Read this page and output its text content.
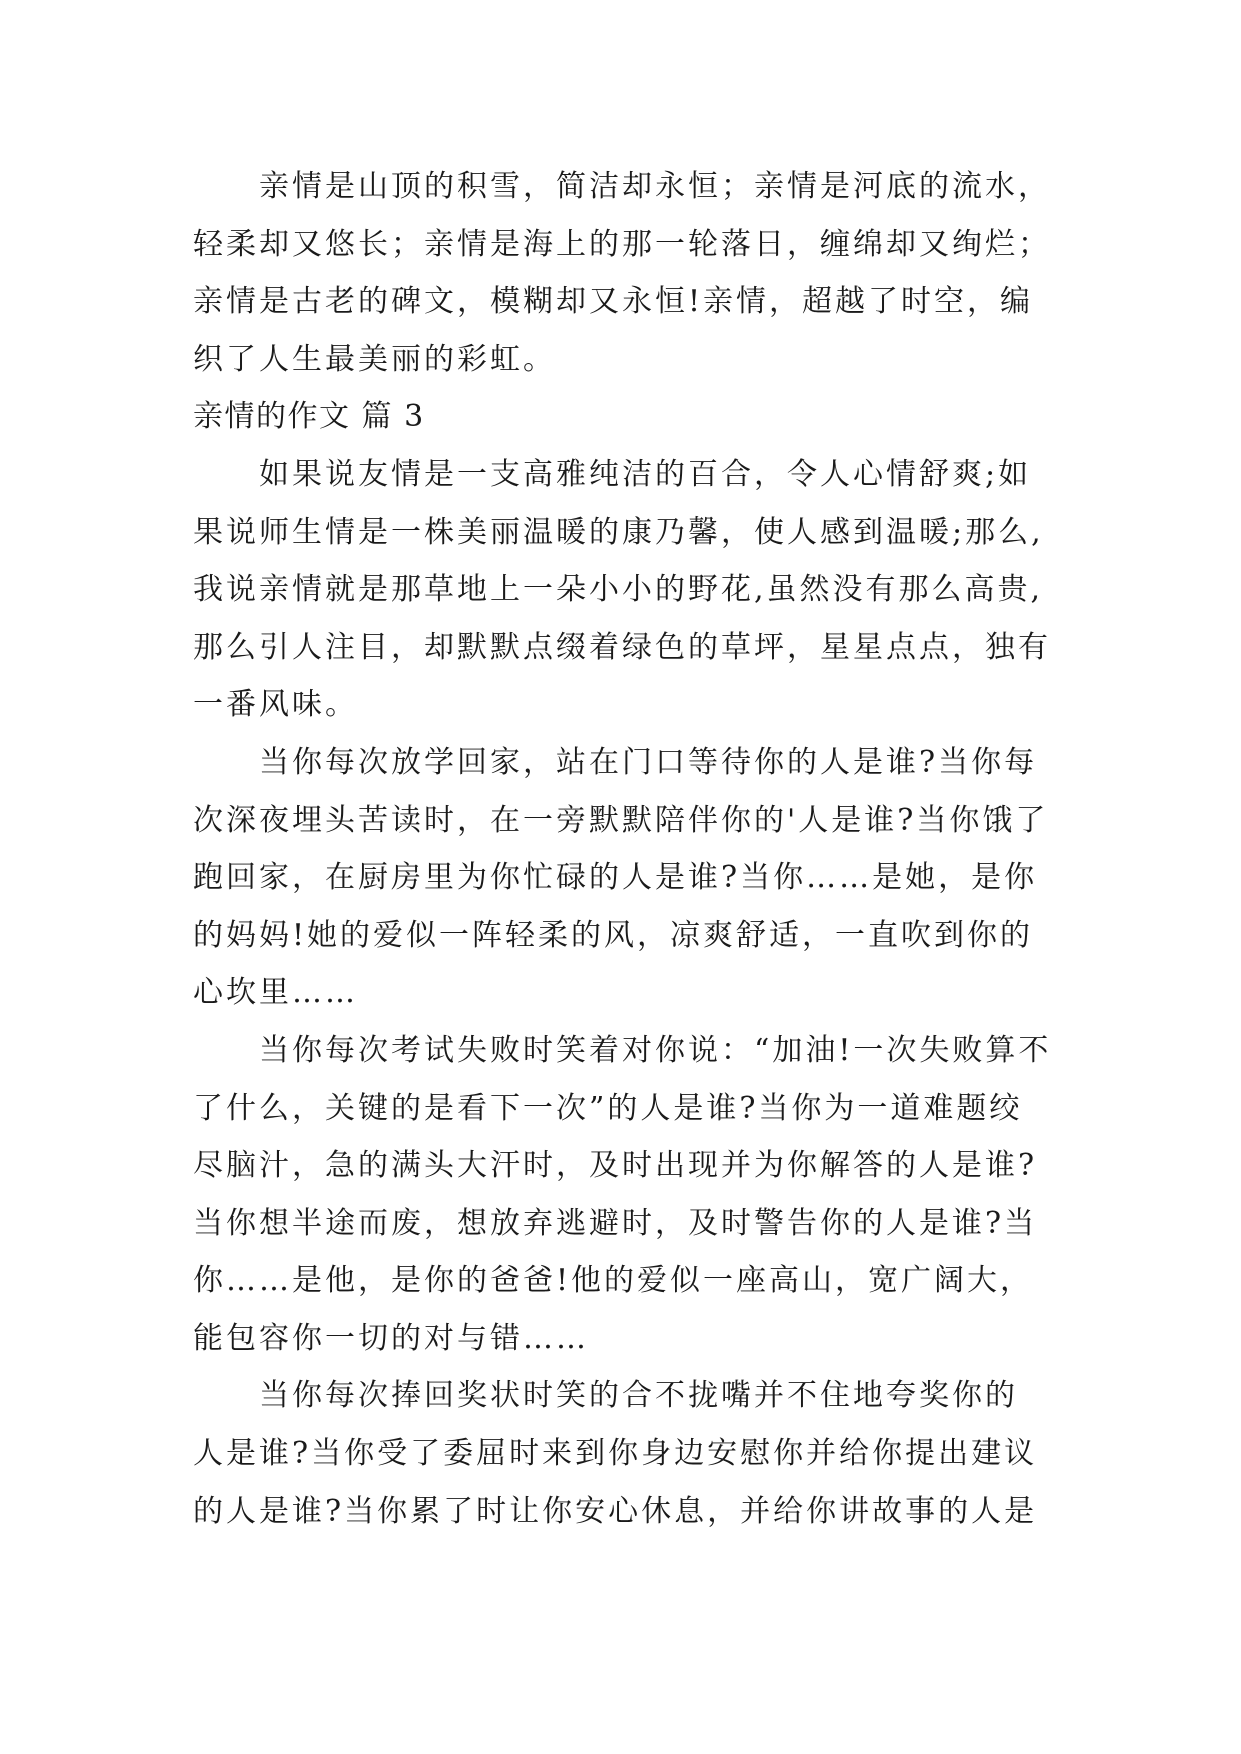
亲情是山顶的积雪，简洁却永恒；亲情是河底的流水，
轻柔却又悠长；亲情是海上的那一轮落日，缠绵却又绚烂；
亲情是古老的碑文，模糊却又永恒!亲情，超越了时空，编
织了人生最美丽的彩虹。
亲情的作文 篇 3
如果说友情是一支高雅纯洁的百合，令人心情舒爽;如
果说师生情是一株美丽温暖的康乃馨，使人感到温暖;那么,
我说亲情就是那草地上一朵小小的野花,虽然没有那么高贵,
那么引人注目，却默默点缀着绿色的草坪，星星点点，独有
一番风味。
当你每次放学回家，站在门口等待你的人是谁?当你每
次深夜埋头苦读时，在一旁默默陪伴你的'人是谁?当你饿了
跑回家，在厨房里为你忙碌的人是谁?当你……是她，是你
的妈妈!她的爱似一阵轻柔的风，凉爽舒适，一直吹到你的
心坎里……
当你每次考试失败时笑着对你说：“加油!一次失败算不
了什么，关键的是看下一次”的人是谁?当你为一道难题绞
尽脑汁，急的满头大汗时，及时出现并为你解答的人是谁?
当你想半途而废，想放弃逃避时，及时警告你的人是谁?当
你……是他，是你的爸爸!他的爱似一座高山，宽广阔大，
能包容你一切的对与错……
当你每次捧回奖状时笑的合不拢嘴并不住地夸奖你的
人是谁?当你受了委屈时来到你身边安慰你并给你提出建议
的人是谁?当你累了时让你安心休息，并给你讲故事的人是
